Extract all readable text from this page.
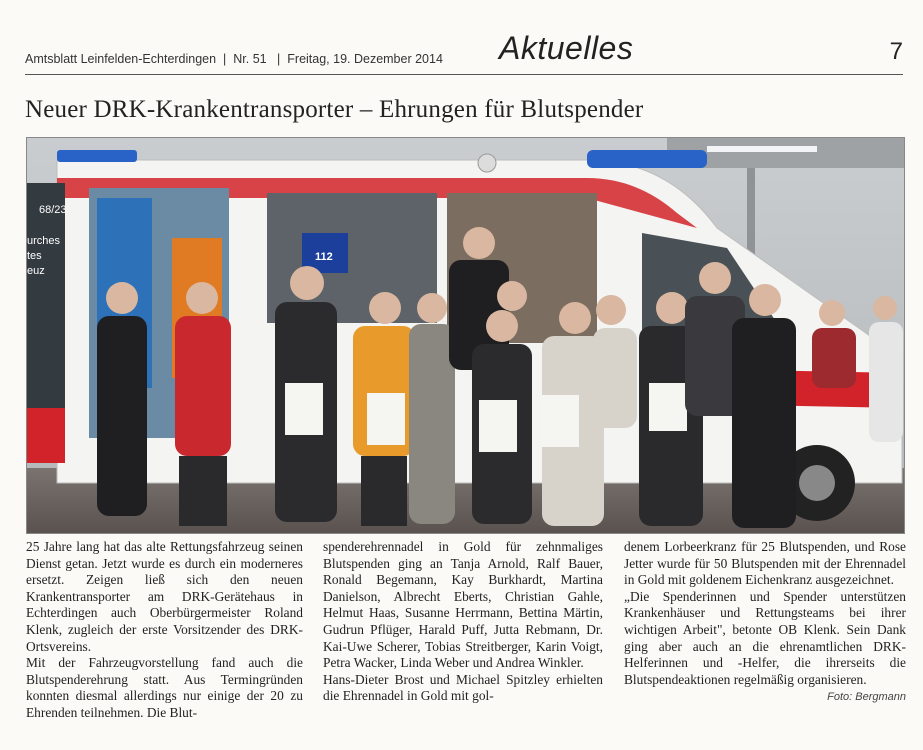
Amtsblatt Leinfelden-Echterdingen  |  Nr. 51   |  Freitag, 19. Dezember 2014 Aktuelles	7
Neuer DRK-Krankentransporter – Ehrungen für Blutspender
68/23
urches
tes
euz
112

25 Jahre lang hat das alte Rettungsfahrzeug seinen Dienst getan. Jetzt wurde es durch ein moderneres ersetzt. Zeigen ließ sich den neuen Krankentransporter am DRK-Gerätehaus in Echterdingen auch Oberbürgermeister Roland Klenk, zugleich der erste Vorsitzender des DRK-Ortsvereins.

Mit der Fahrzeugvorstellung fand auch die Blutspenderehrung statt. Aus Termingründen konnten diesmal allerdings nur einige der 20 zu Ehrenden teilnehmen. Die Blut-

spenderehrennadel in Gold für zehnmaliges Blutspenden ging an Tanja Arnold, Ralf Bauer, Ronald Begemann, Kay Burkhardt, Martina Danielson, Albrecht Eberts, Christian Gahle, Helmut Haas, Susanne Herrmann, Bettina Märtin, Gudrun Pflüger, Harald Puff, Jutta Rebmann, Dr. Kai-Uwe Scherer, Tobias Streitberger, Karin Voigt, Petra Wacker, Linda Weber und Andrea Winkler.

Hans-Dieter Brost und Michael Spitzley erhielten die Ehrennadel in Gold mit gol-

denem Lorbeerkranz für 25 Blutspenden, und Rose Jetter wurde für 50 Blutspenden mit der Ehrennadel in Gold mit goldenem Eichenkranz ausgezeichnet.

„Die Spenderinnen und Spender unterstützen Krankenhäuser und Rettungsteams bei ihrer wichtigen Arbeit", betonte OB Klenk. Sein Dank ging aber auch an die ehrenamtlichen DRK-Helferinnen und -Helfer, die ihrerseits die Blutspendeaktionen regelmäßig organisieren.
Foto: Bergmann
